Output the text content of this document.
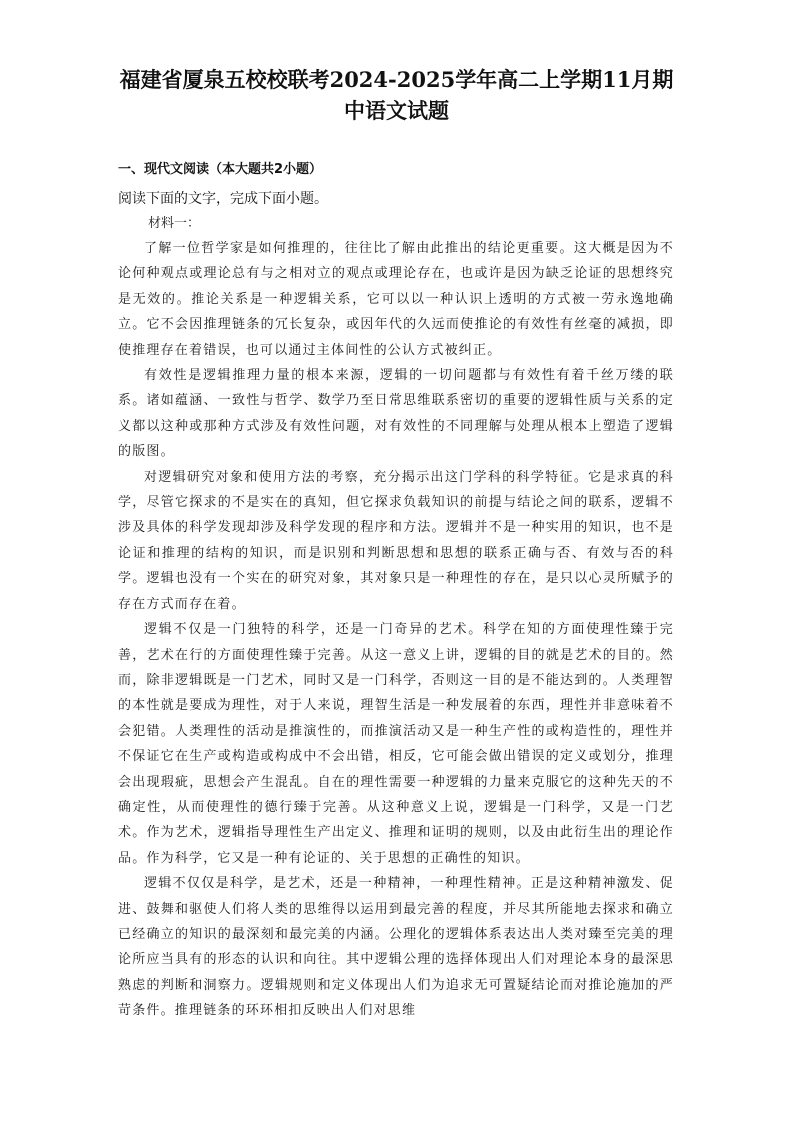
福建省厦泉五校校联考2024-2025学年高二上学期11月期
中语文试题
一、现代文阅读（本大题共2小题）
阅读下面的文字，完成下面小题。
材料一：

了解一位哲学家是如何推理的，往往比了解由此推出的结论更重要。这大概是因为不论何种观点或理论总有与之相对立的观点或理论存在，也或许是因为缺乏论证的思想终究是无效的。推论关系是一种逻辑关系，它可以以一种认识上透明的方式被一劳永逸地确立。它不会因推理链条的冗长复杂，或因年代的久远而使推论的有效性有丝毫的减损，即使推理存在着错误，也可以通过主体间性的公认方式被纠正。

有效性是逻辑推理力量的根本来源，逻辑的一切问题都与有效性有着千丝万缕的联系。诸如蕴涵、一致性与哲学、数学乃至日常思维联系密切的重要的逻辑性质与关系的定义都以这种或那种方式涉及有效性问题，对有效性的不同理解与处理从根本上塑造了逻辑的版图。

对逻辑研究对象和使用方法的考察，充分揭示出这门学科的科学特征。它是求真的科学，尽管它探求的不是实在的真知，但它探求负载知识的前提与结论之间的联系，逻辑不涉及具体的科学发现却涉及科学发现的程序和方法。逻辑并不是一种实用的知识，也不是论证和推理的结构的知识，而是识别和判断思想和思想的联系正确与否、有效与否的科学。逻辑也没有一个实在的研究对象，其对象只是一种理性的存在，是只以心灵所赋予的存在方式而存在着。

逻辑不仅是一门独特的科学，还是一门奇异的艺术。科学在知的方面使理性臻于完善，艺术在行的方面使理性臻于完善。从这一意义上讲，逻辑的目的就是艺术的目的。然而，除非逻辑既是一门艺术，同时又是一门科学，否则这一目的是不能达到的。人类理智的本性就是要成为理性，对于人来说，理智生活是一种发展着的东西，理性并非意味着不会犯错。人类理性的活动是推演性的，而推演活动又是一种生产性的或构造性的，理性并不保证它在生产或构造或构成中不会出错，相反，它可能会做出错误的定义或划分，推理会出现瑕疵，思想会产生混乱。自在的理性需要一种逻辑的力量来克服它的这种先天的不确定性，从而使理性的德行臻于完善。从这种意义上说，逻辑是一门科学，又是一门艺术。作为艺术，逻辑指导理性生产出定义、推理和证明的规则，以及由此衍生出的理论作品。作为科学，它又是一种有论证的、关于思想的正确性的知识。

逻辑不仅仅是科学，是艺术，还是一种精神，一种理性精神。正是这种精神激发、促进、鼓舞和驱使人们将人类的思维得以运用到最完善的程度，并尽其所能地去探求和确立已经确立的知识的最深刻和最完美的内涵。公理化的逻辑体系表达出人类对臻至完美的理论所应当具有的形态的认识和向往。其中逻辑公理的选择体现出人们对理论本身的最深思熟虑的判断和洞察力。逻辑规则和定义体现出人们为追求无可置疑结论而对推论施加的严苛条件。推理链条的环环相扣反映出人们对思维
